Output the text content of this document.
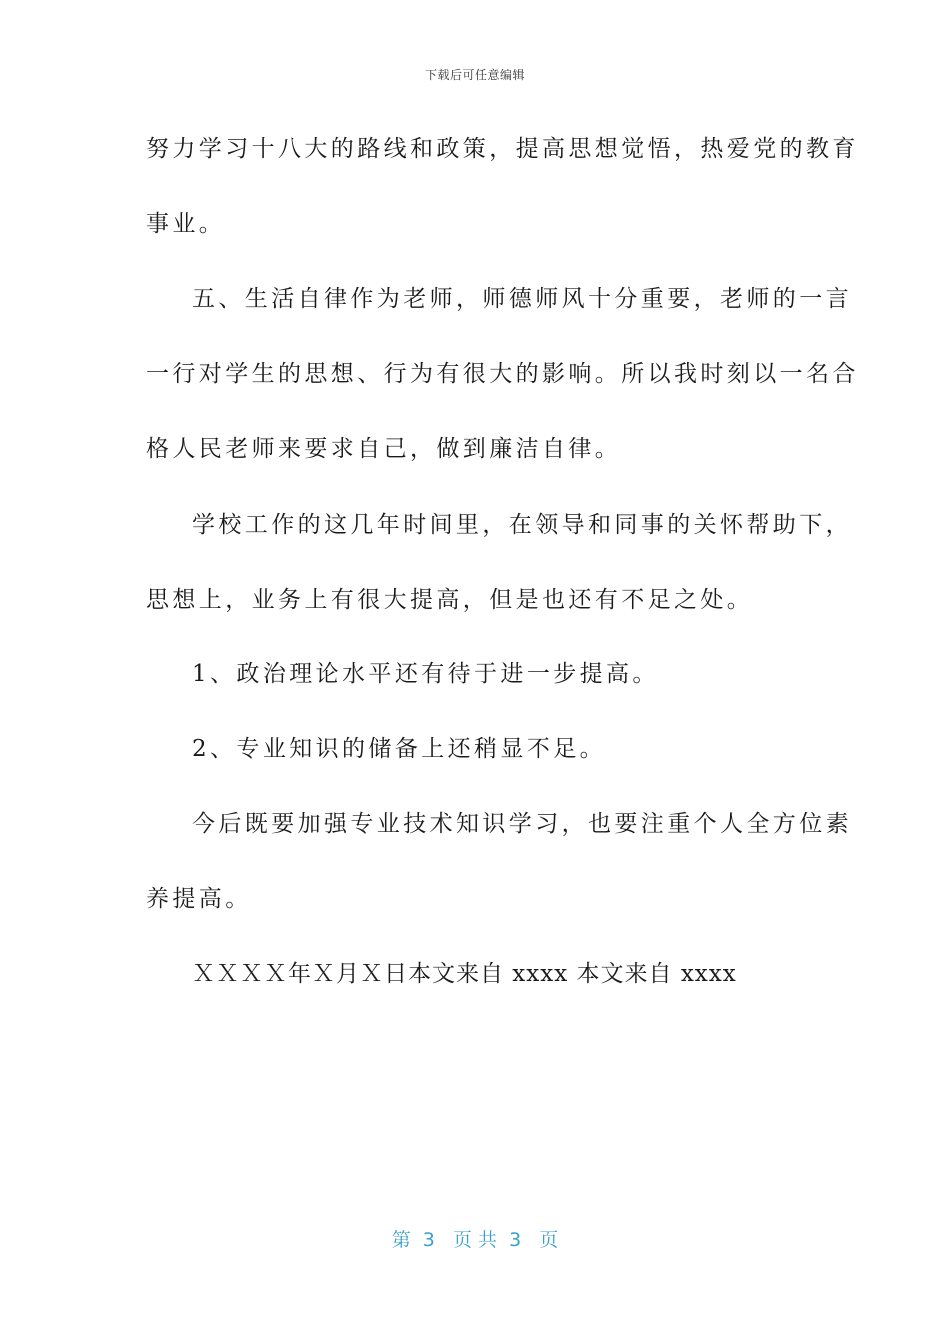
下载后可任意编辑

努力学习十八大的路线和政策，提高思想觉悟，热爱党的教育

事业。

五、生活自律作为老师，师德师风十分重要，老师的一言

一行对学生的思想、行为有很大的影响。所以我时刻以一名合

格人民老师来要求自己，做到廉洁自律。

学校工作的这几年时间里，在领导和同事的关怀帮助下，

思想上，业务上有很大提高，但是也还有不足之处。

1、政治理论水平还有待于进一步提高。

2、专业知识的储备上还稍显不足。

今后既要加强专业技术知识学习，也要注重个人全方位素

养提高。

ＸＸＸＸ年Ｘ月Ｘ日本文来自 xxxx 本文来自 xxxx

第  3   页 共  3   页
